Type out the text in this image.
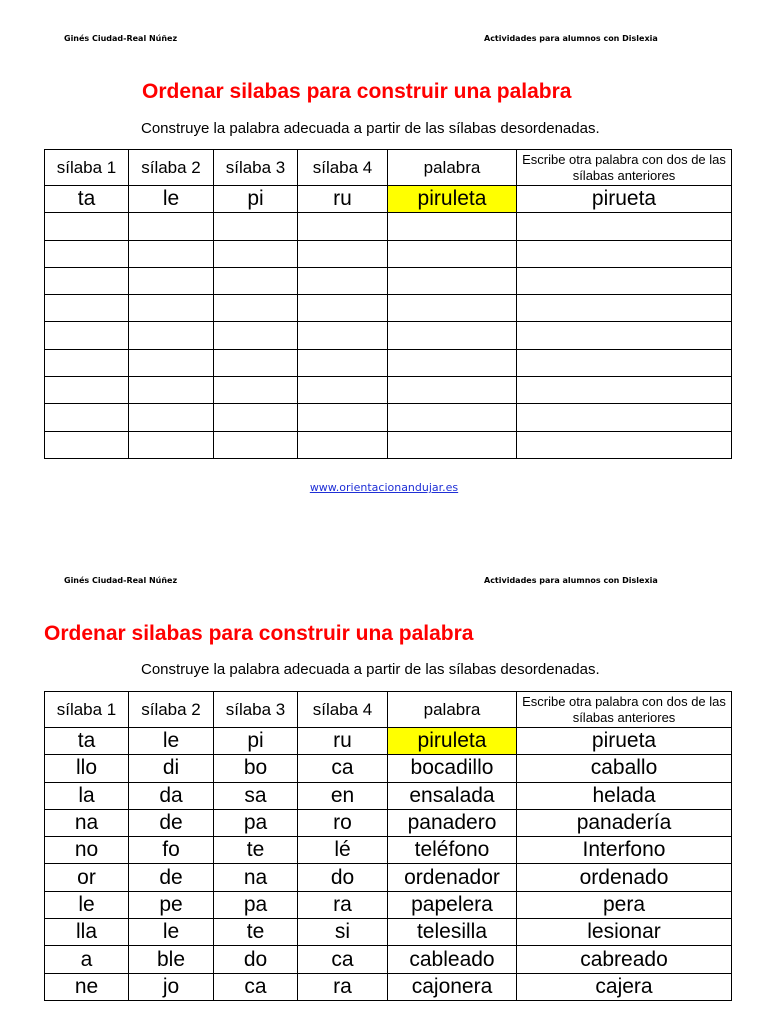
Ginés Ciudad-Real Núñez	Actividades para alumnos con Dislexia
Ordenar silabas para construir una palabra
Construye la palabra adecuada a partir de las sílabas desordenadas.
sílaba 1	sílaba 2	sílaba 3	sílaba 4	palabra	Escribe otra palabra con dos de las sílabas anteriores
ta	le	pi	ru	piruleta	pirueta

www.orientacionandujar.es
Ginés Ciudad-Real Núñez	Actividades para alumnos con Dislexia
Ordenar silabas para construir una palabra
Construye la palabra adecuada a partir de las sílabas desordenadas.
sílaba 1	sílaba 2	sílaba 3	sílaba 4	palabra	Escribe otra palabra con dos de las sílabas anteriores
ta	le	pi	ru	piruleta	pirueta
llo	di	bo	ca	bocadillo	caballo
la	da	sa	en	ensalada	helada
na	de	pa	ro	panadero	panadería
no	fo	te	lé	teléfono	Interfono
or	de	na	do	ordenador	ordenado
le	pe	pa	ra	papelera	pera
lla	le	te	si	telesilla	lesionar
a	ble	do	ca	cableado	cabreado
ne	jo	ca	ra	cajonera	cajera
